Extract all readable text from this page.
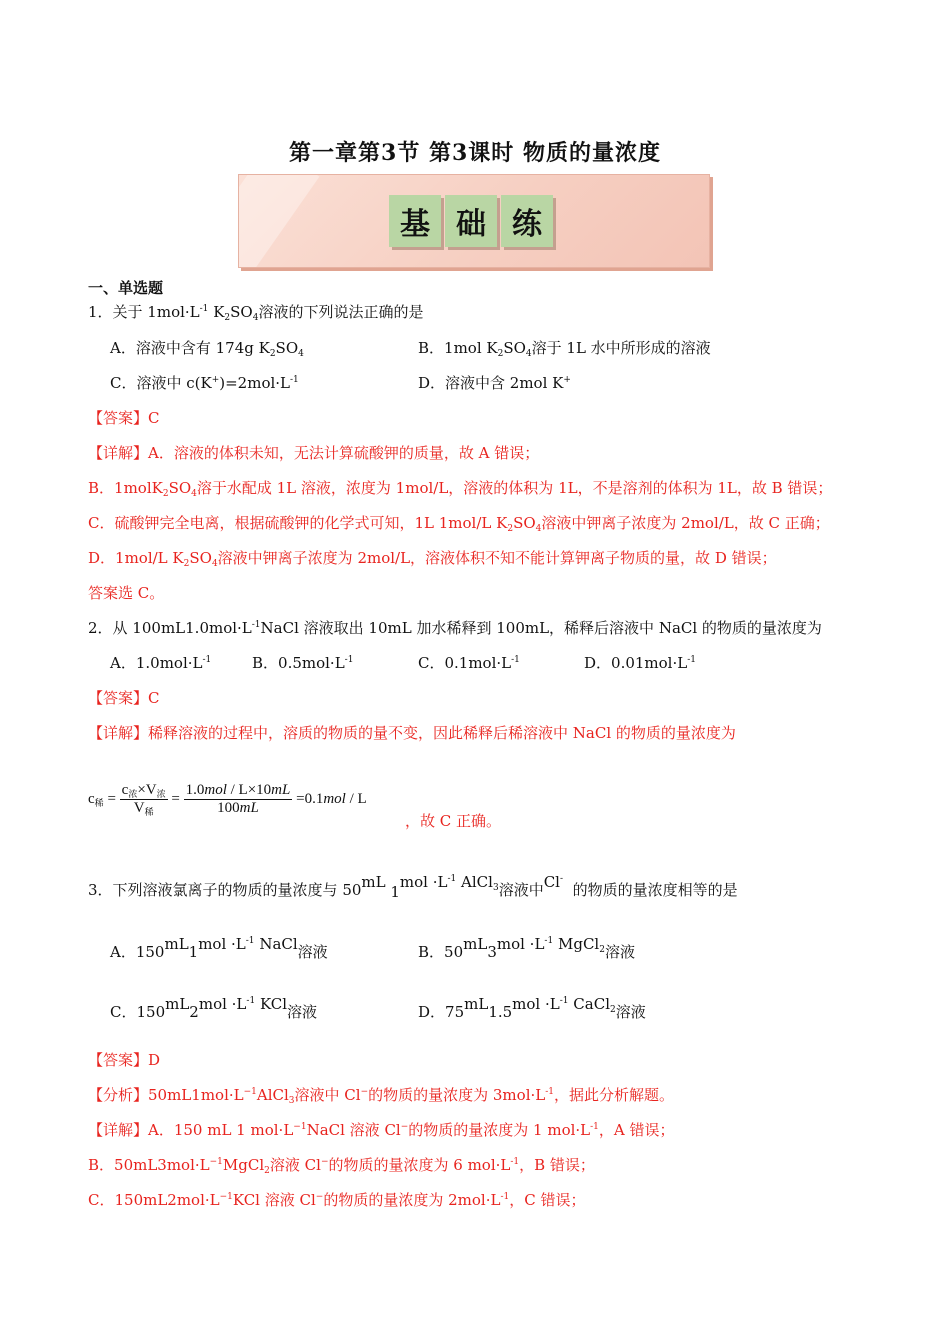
第一章第3节 第3课时 物质的量浓度
基 础 练
一、单选题
1．关于 $1mol\cdot L^{-1}$ $K_2SO_4$溶液的下列说法正确的是
A．溶液中含有 174g $K_2SO_4$	B．1mol $K_2SO_4$溶于 1L 水中所形成的溶液
C．溶液中 $c(K^+)=2mol\cdot L^{-1}$	D．溶液中含 2mol K+
【答案】C
【详解】A．溶液的体积未知，无法计算硫酸钾的质量，故 A 错误；
B．$1molK_2SO_4$溶于水配成 1L 溶液，浓度为 1mol/L，溶液的体积为 1L，不是溶剂的体积为 1L，故 B 错误；
C．硫酸钾完全电离，根据硫酸钾的化学式可知，1L 1mol/L $K_2SO_4$溶液中钾离子浓度为 2mol/L，故 C 正确；
D．1mol/L $K_2SO_4$溶液中钾离子浓度为 2mol/L，溶液体积不知不能计算钾离子物质的量，故 D 错误；
答案选 C。
2．从 $100mL1.0mol\cdot L^{-1}NaCl$ 溶液取出 10mL 加水稀释到 100mL，稀释后溶液中 NaCl 的物质的量浓度为
A．$1.0mol\cdot L^{-1}$	B．$0.5mol\cdot L^{-1}$	C．$0.1mol\cdot L^{-1}$	D．$0.01mol\cdot L^{-1}$
【答案】C
【详解】稀释溶液的过程中，溶质的物质的量不变，因此稀释后稀溶液中 NaCl 的物质的量浓度为
$c_稀 = \frac{c_浓\times V_浓}{V_稀} = \frac{\text{1.0mol / L×10mL}}{100mL} =0.1mol / L$
，故 C 正确。
3．下列溶液氯离子的物质的量浓度与 50mL $1mol \cdot L^{-1}$ AlCl$_3$溶液中Cl-  的物质的量浓度相等的是
A．$150mL1mol \cdot L^{-1}$ NaCl溶液	B．$50mL3mol \cdot L^{-1}$ MgCl$_2$溶液
C．$150mL2mol \cdot L^{-1}$ KCl溶液	D．$75mL1.5mol \cdot L^{-1}$ CaCl$_2$溶液
【答案】D
【分析】$50mL1mol\cdot L^{-1}AlCl_3$溶液中 Cl−的物质的量浓度为 $3mol\cdot L^{-1}$，据此分析解题。
【详解】A．150 mL 1 $mol\cdot L^{-1}NaCl$ 溶液 Cl−的物质的量浓度为 1 $mol\cdot L^{-1}$，A 错误；
B．$50mL3mol\cdot L^{-1}MgCl_2$溶液 Cl−的物质的量浓度为 6 $mol\cdot L^{-1}$，B 错误；
C．$150mL2mol\cdot L^{-1}KCl$ 溶液 Cl−的物质的量浓度为 $2mol\cdot L^{-1}$，C 错误；
